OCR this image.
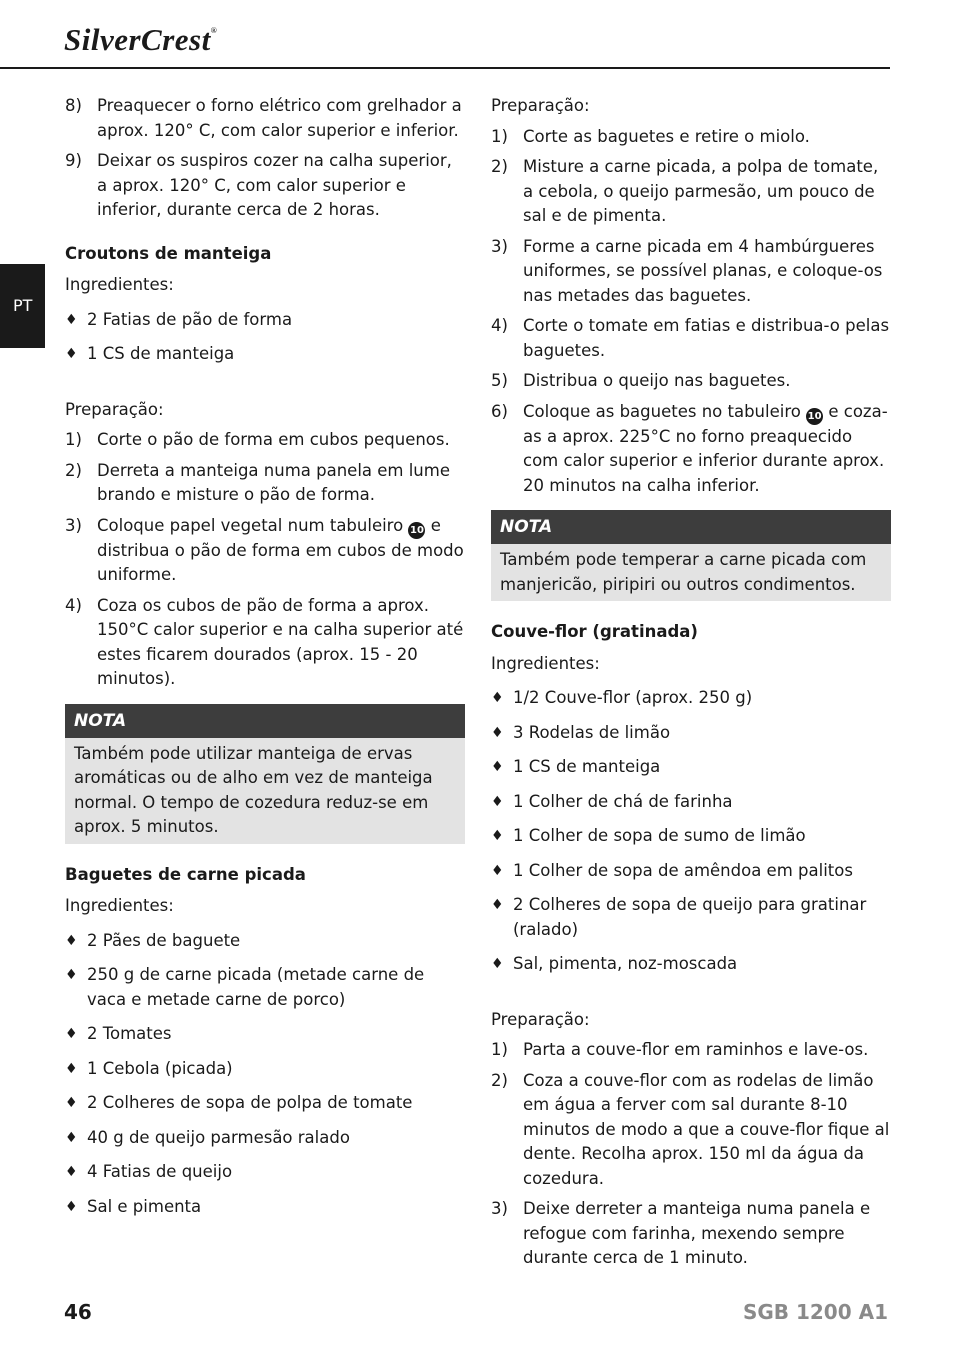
SilverCrest®
PT
8) Preaquecer o forno elétrico com grelhador a aprox. 120° C, com calor superior e inferior.
9) Deixar os suspiros cozer na calha superior, a aprox. 120° C, com calor superior e inferior, durante cerca de 2 horas.

Croutons de manteiga

Ingredientes:

♦ 2 Fatias de pão de forma
♦ 1 CS de manteiga

Preparação:

1) Corte o pão de forma em cubos pequenos.
2) Derreta a manteiga numa panela em lume brando e misture o pão de forma.
3) Coloque papel vegetal num tabuleiro 10 e distribua o pão de forma em cubos de modo uniforme.
4) Coza os cubos de pão de forma a aprox. 150°C calor superior e na calha superior até estes ficarem dourados (aprox. 15 - 20 minutos).
NOTA
Também pode utilizar manteiga de ervas aromáticas ou de alho em vez de manteiga normal. O tempo de cozedura reduz-se em aprox. 5 minutos.

Baguetes de carne picada

Ingredientes:

♦ 2 Pães de baguete
♦ 250 g de carne picada (metade carne de vaca e metade carne de porco)
♦ 2 Tomates
♦ 1 Cebola (picada)
♦ 2 Colheres de sopa de polpa de tomate
♦ 40 g de queijo parmesão ralado
♦ 4 Fatias de queijo
♦ Sal e pimenta

Preparação:

1) Corte as baguetes e retire o miolo.
2) Misture a carne picada, a polpa de tomate, a cebola, o queijo parmesão, um pouco de sal e de pimenta.
3) Forme a carne picada em 4 hambúrgueres uniformes, se possível planas, e coloque-os nas metades das baguetes.
4) Corte o tomate em fatias e distribua-o pelas baguetes.
5) Distribua o queijo nas baguetes.
6) Coloque as baguetes no tabuleiro 10 e coza-as a aprox. 225°C no forno preaquecido com calor superior e inferior durante aprox. 20 minutos na calha inferior.
NOTA
Também pode temperar a carne picada com manjericão, piripiri ou outros condimentos.

Couve-flor (gratinada)

Ingredientes:

♦ 1/2 Couve-flor (aprox. 250 g)
♦ 3 Rodelas de limão
♦ 1 CS de manteiga
♦ 1 Colher de chá de farinha
♦ 1 Colher de sopa de sumo de limão
♦ 1 Colher de sopa de amêndoa em palitos
♦ 2 Colheres de sopa de queijo para gratinar (ralado)
♦ Sal, pimenta, noz-moscada

Preparação:

1) Parta a couve-flor em raminhos e lave-os.
2) Coza a couve-flor com as rodelas de limão em água a ferver com sal durante 8-10 minutos de modo a que a couve-flor fique al dente. Recolha aprox. 150 ml da água da cozedura.
3) Deixe derreter a manteiga numa panela e refogue com farinha, mexendo sempre durante cerca de 1 minuto.
46	SGB 1200 A1
